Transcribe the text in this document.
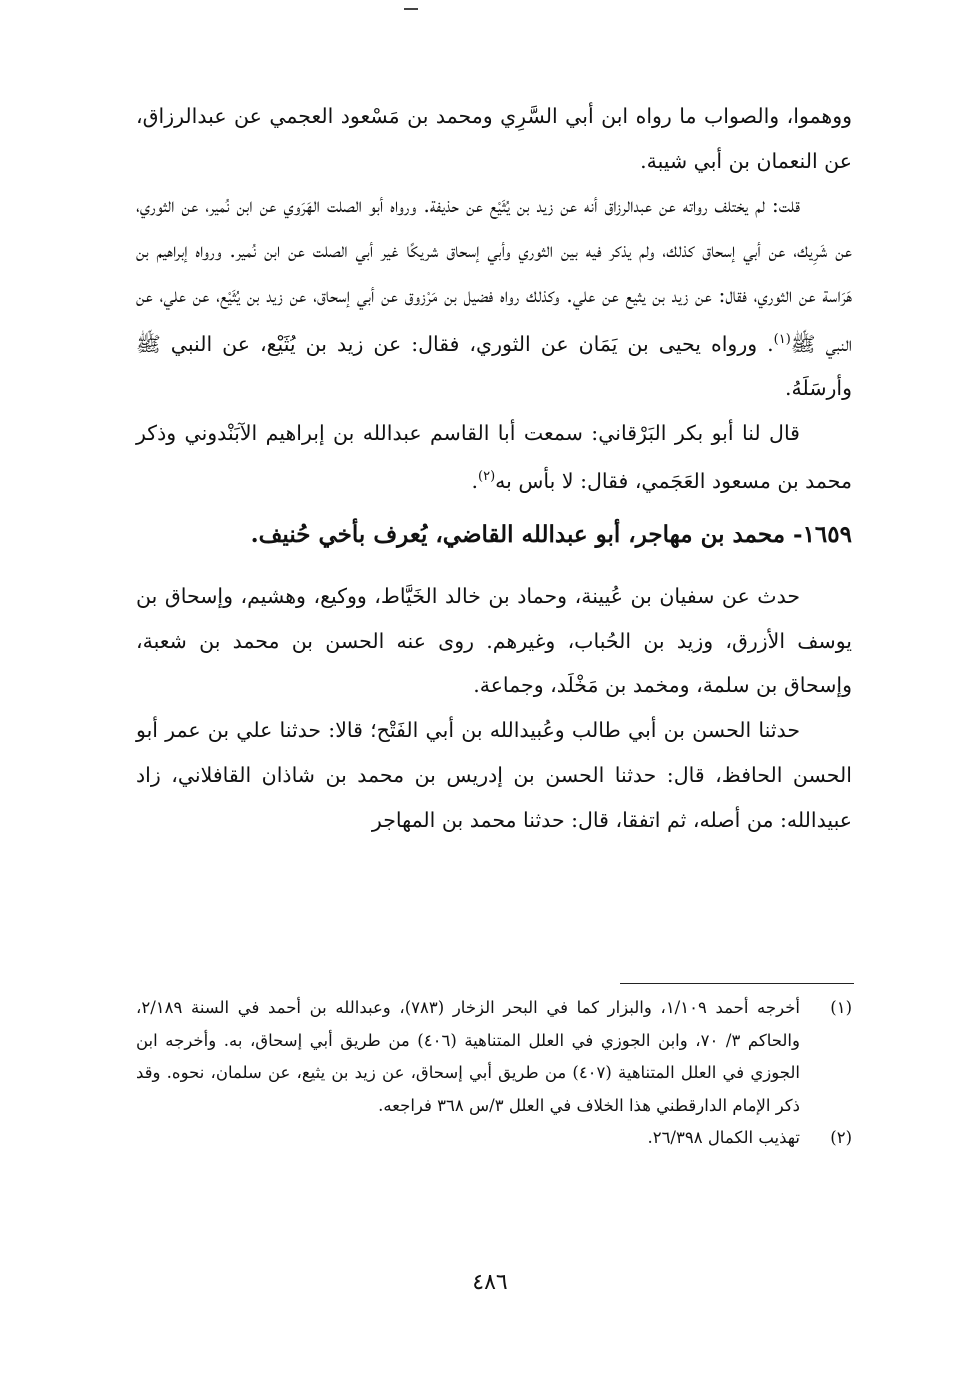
ووهموا، والصواب ما رواه ابن أبي السَّرِي ومحمد بن مَسْعود العجمي عن عبدالرزاق، عن النعمان بن أبي شيبة.

قلت: لم يختلف رواته عن عبدالرزاق أنه عن زيد بن يُثَيْع عن حذيفة. ورواه أبو الصلت الهَرَوي عن ابن نُمير، عن الثوري، عن شَرِيك، عن أبي إسحاق كذلك، ولم يذكر فيه بين الثوري وأبي إسحاق شريكًا غير أبي الصلت عن ابن نُمير. ورواه إبراهيم بن هَرَاسة عن الثوري، فقال: عن زيد بن يثيع عن علي. وكذلك رواه فضيل بن مَرْزوق عن أبي إسحاق، عن زيد بن يُثَيْع، عن علي، عن النبي ﷺ$^{(١)}$. ورواه يحيى بن يَمَان عن الثوري، فقال: عن زيد بن يُثَيْع، عن النبي ﷺ وأرسَلَهُ.

قال لنا أبو بكر البَرْقاني: سمعت أبا القاسم عبدالله بن إبراهيم الآبَنْدوني وذكر محمد بن مسعود العَجَمي، فقال: لا بأس به$^{(٢)}$.

١٦٥٩- محمد بن مهاجر، أبو عبدالله القاضي، يُعرف بأخي حُنيف.

حدث عن سفيان بن عُيينة، وحماد بن خالد الخَيَّاط، ووكيع، وهشيم، وإسحاق بن يوسف الأزرق، وزيد بن الحُباب، وغيرهم. روى عنه الحسن بن محمد بن شعبة، وإسحاق بن سلمة، ومخمد بن مَخْلَد، وجماعة.

حدثنا الحسن بن أبي طالب وعُبيدالله بن أبي الفَتْح؛ قالا: حدثنا علي بن عمر أبو الحسن الحافظ، قال: حدثنا الحسن بن إدريس بن محمد بن شاذان القافلاني، زاد عبيدالله: من أصله، ثم اتفقا، قال: حدثنا محمد بن المهاجر

(١)
أخرجه أحمد ١/١٠٩، والبزار كما في البحر الزخار (٧٨٣)، وعبدالله بن أحمد في السنة ٢/١٨٩، والحاكم ٣/ ٧٠، وابن الجوزي في العلل المتناهية (٤٠٦) من طريق أبي إسحاق، به. وأخرجه ابن الجوزي في العلل المتناهية (٤٠٧) من طريق أبي إسحاق، عن زيد بن يثيع، عن سلمان، نحوه. وقد ذكر الإمام الدارقطني هذا الخلاف في العلل ٣/س ٣٦٨ فراجعه.
(٢)
تهذيب الكمال ٢٦/٣٩٨.
٤٨٦
